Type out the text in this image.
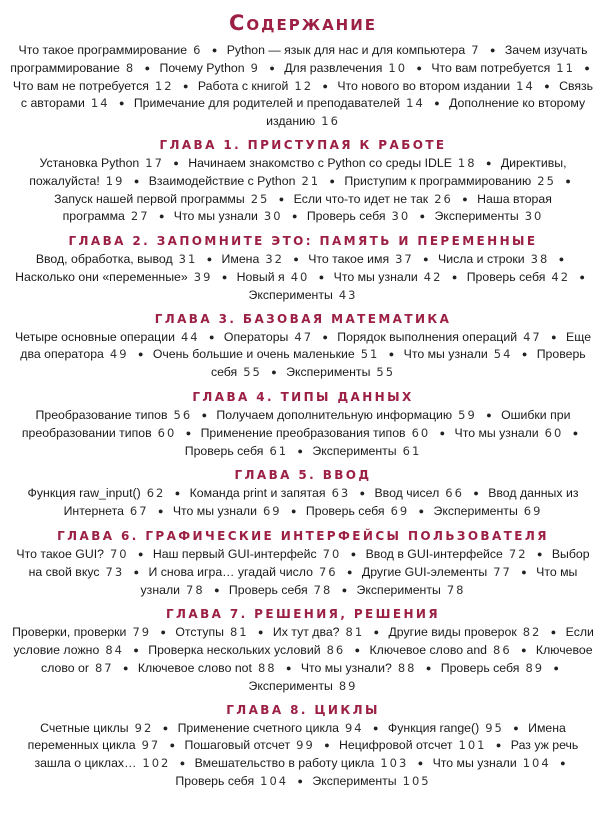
Содержание

Что такое программирование 6 ● Python — язык для нас и для компьютера 7 ● Зачем изучать программирование 8 ● Почему Python 9 ● Для развлечения 10 ● Что вам потребуется 11 ● Что вам не потребуется 12 ● Работа с книгой 12 ● Что нового во втором издании 14 ● Связь с авторами 14 ● Примечание для родителей и преподавателей 14 ● Дополнение ко второму изданию 16

ГЛАВА 1. ПРИСТУПАЯ К РАБОТЕ

Установка Python 17 ● Начинаем знакомство с Python со среды IDLE 18 ● Директивы, пожалуйста! 19 ● Взаимодействие с Python 21 ● Приступим к программированию 25 ● Запуск нашей первой программы 25 ● Если что-то идет не так 26 ● Наша вторая программа 27 ● Что мы узнали 30 ● Проверь себя 30 ● Эксперименты 30

ГЛАВА 2. ЗАПОМНИТЕ ЭТО: ПАМЯТЬ И ПЕРЕМЕННЫЕ

Ввод, обработка, вывод 31 ● Имена 32 ● Что такое имя 37 ● Числа и строки 38 ● Насколько они «переменные» 39 ● Новый я 40 ● Что мы узнали 42 ● Проверь себя 42 ● Эксперименты 43

ГЛАВА 3. БАЗОВАЯ МАТЕМАТИКА

Четыре основные операции 44 ● Операторы 47 ● Порядок выполнения операций 47 ● Еще два оператора 49 ● Очень большие и очень маленькие 51 ● Что мы узнали 54 ● Проверь себя 55 ● Эксперименты 55

ГЛАВА 4. ТИПЫ ДАННЫХ

Преобразование типов 56 ● Получаем дополнительную информацию 59 ● Ошибки при преобразовании типов 60 ● Применение преобразования типов 60 ● Что мы узнали 60 ● Проверь себя 61 ● Эксперименты 61

ГЛАВА 5. ВВОД

Функция raw_input() 62 ● Команда print и запятая 63 ● Ввод чисел 66 ● Ввод данных из Интернета 67 ● Что мы узнали 69 ● Проверь себя 69 ● Эксперименты 69

ГЛАВА 6. ГРАФИЧЕСКИЕ ИНТЕРФЕЙСЫ ПОЛЬЗОВАТЕЛЯ

Что такое GUI? 70 ● Наш первый GUI-интерфейс 70 ● Ввод в GUI-интерфейсе 72 ● Выбор на свой вкус 73 ● И снова игра… угадай число 76 ● Другие GUI-элементы 77 ● Что мы узнали 78 ● Проверь себя 78 ● Эксперименты 78

ГЛАВА 7. РЕШЕНИЯ, РЕШЕНИЯ

Проверки, проверки 79 ● Отступы 81 ● Их тут два? 81 ● Другие виды проверок 82 ● Если условие ложно 84 ● Проверка нескольких условий 86 ● Ключевое слово and 86 ● Ключевое слово or 87 ● Ключевое слово not 88 ● Что мы узнали? 88 ● Проверь себя 89 ● Эксперименты 89

ГЛАВА 8. ЦИКЛЫ

Счетные циклы 92 ● Применение счетного цикла 94 ● Функция range() 95 ● Имена переменных цикла 97 ● Пошаговый отсчет 99 ● Нецифровой отсчет 101 ● Раз уж речь зашла о циклах… 102 ● Вмешательство в работу цикла 103 ● Что мы узнали 104 ● Проверь себя 104 ● Эксперименты 105
